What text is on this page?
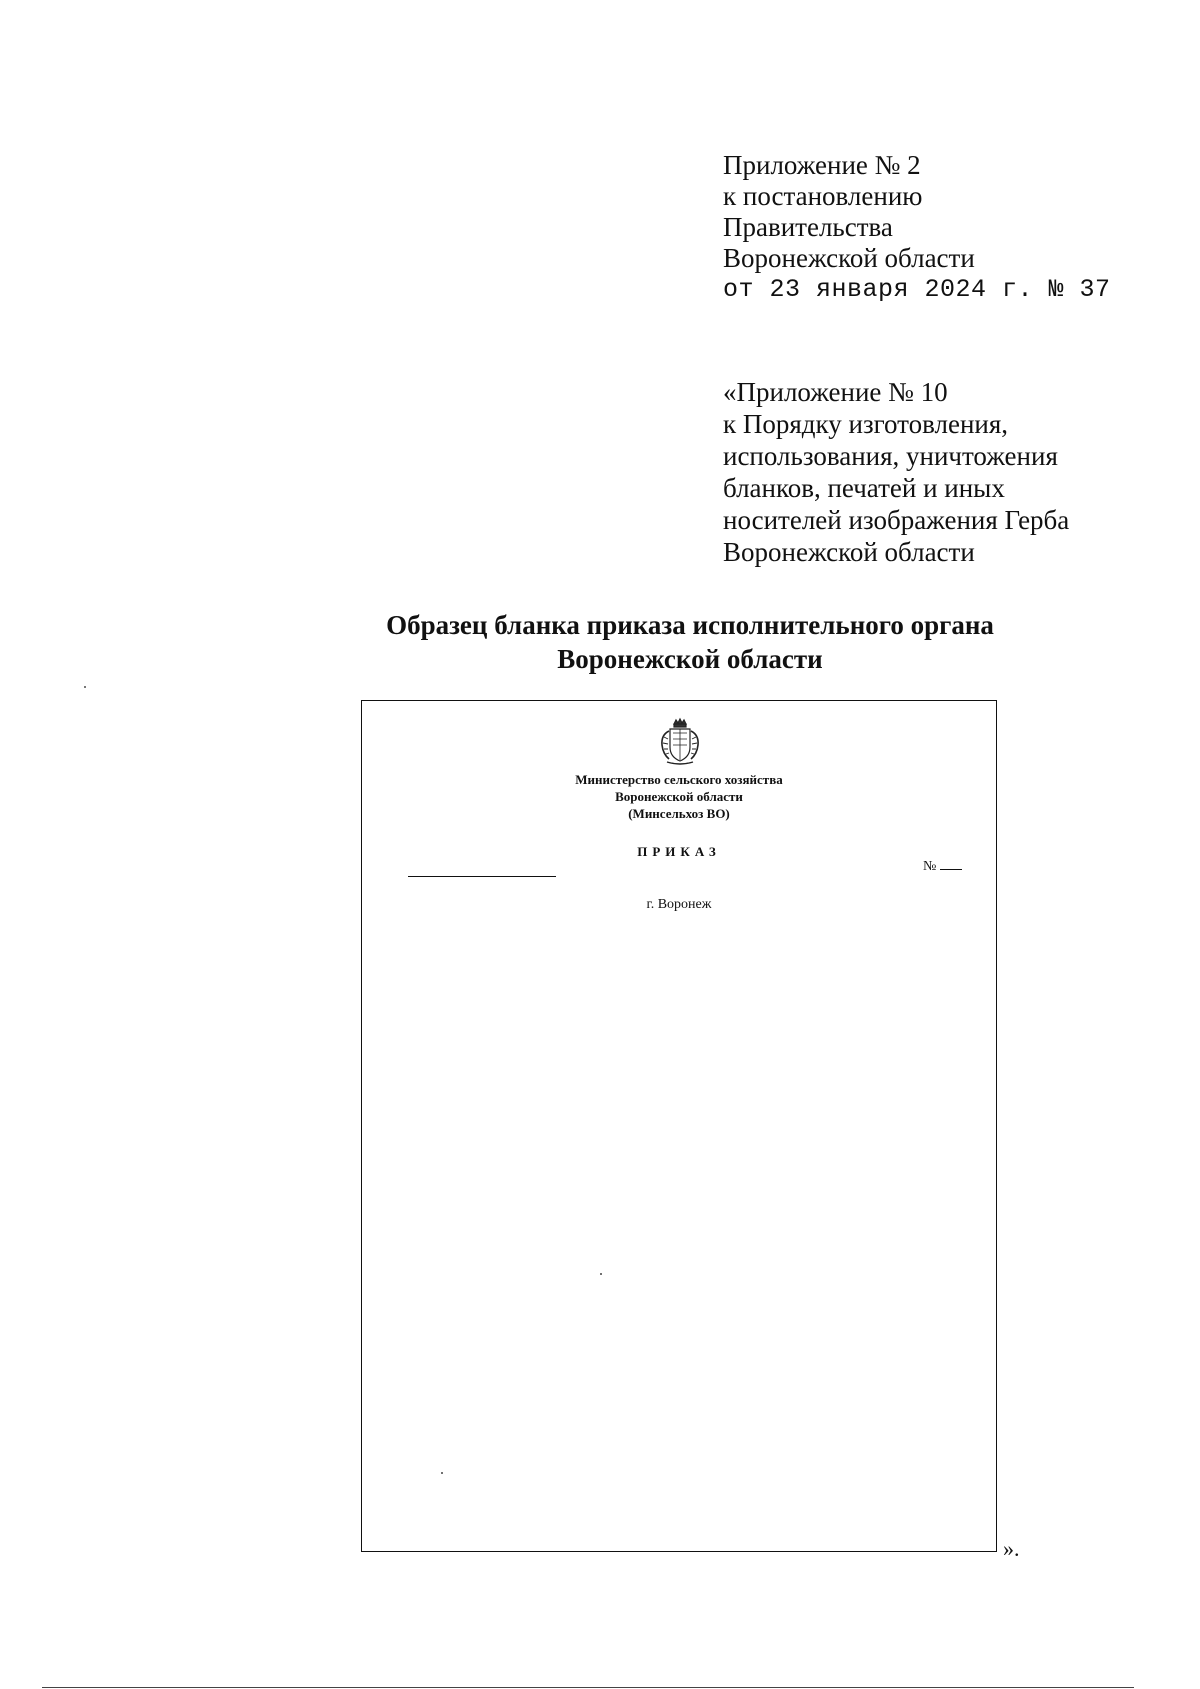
Приложение № 2
к постановлению
Правительства
Воронежской области
от 23 января 2024 г. № 37
«Приложение № 10
к Порядку изготовления,
использования, уничтожения
бланков, печатей и иных
носителей изображения Герба
Воронежской области
Образец бланка приказа исполнительного органа
Воронежской области
Министерство сельского хозяйства
Воронежской области
(Минсельхоз ВО)
ПРИКАЗ
№
г. Воронеж
».
